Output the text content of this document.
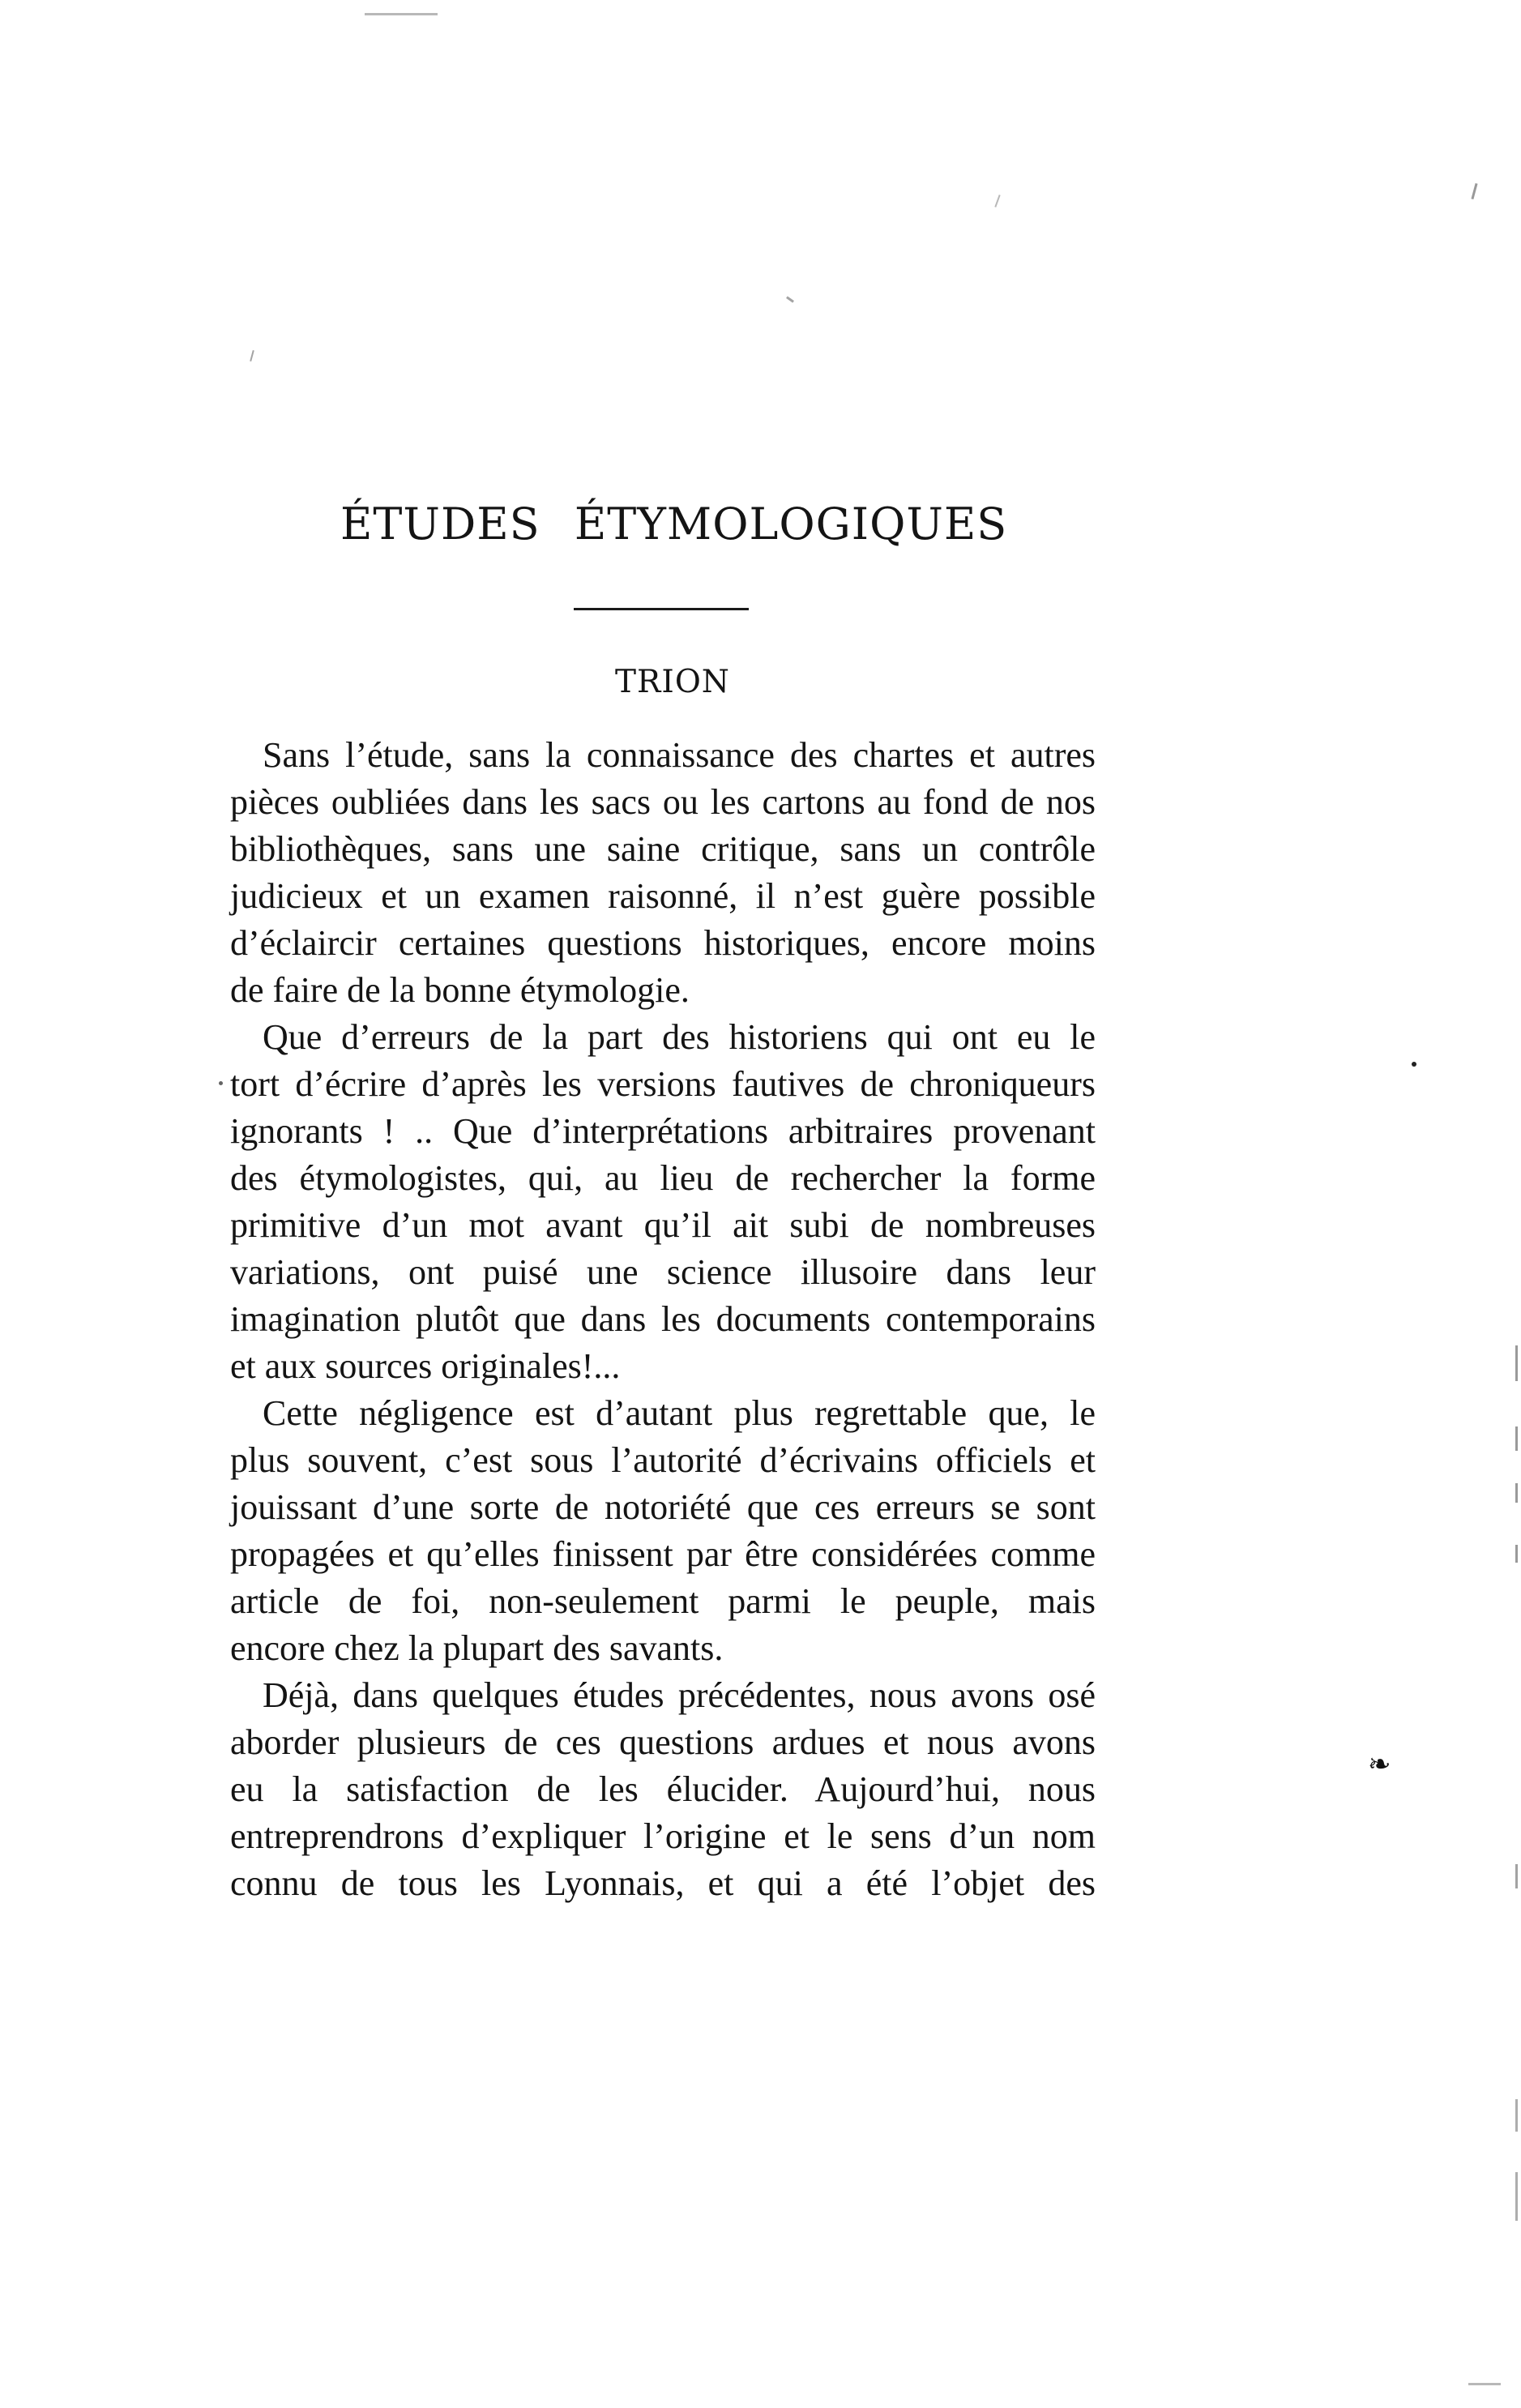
❧
ÉTUDES ÉTYMOLOGIQUES
TRION
Sans l’étude, sans la connaissance des chartes et autres
pièces oubliées dans les sacs ou les cartons au fond de nos
bibliothèques, sans une saine critique, sans un contrôle
judicieux et un examen raisonné, il n’est guère possible
d’éclaircir certaines questions historiques, encore moins
de faire de la bonne étymologie.
Que d’erreurs de la part des historiens qui ont eu le
tort d’écrire d’après les versions fautives de chroniqueurs
ignorants ! .. Que d’interprétations arbitraires provenant
des étymologistes, qui, au lieu de rechercher la forme
primitive d’un mot avant qu’il ait subi de nombreuses
variations, ont puisé une science illusoire dans leur
imagination plutôt que dans les documents contemporains
et aux sources originales!...
Cette négligence est d’autant plus regrettable que, le
plus souvent, c’est sous l’autorité d’écrivains officiels et
jouissant d’une sorte de notoriété que ces erreurs se sont
propagées et qu’elles finissent par être considérées comme
article de foi, non-seulement parmi le peuple, mais
encore chez la plupart des savants.
Déjà, dans quelques études précédentes, nous avons osé
aborder plusieurs de ces questions ardues et nous avons
eu la satisfaction de les élucider. Aujourd’hui, nous
entreprendrons d’expliquer l’origine et le sens d’un nom
connu de tous les Lyonnais, et qui a été l’objet des
